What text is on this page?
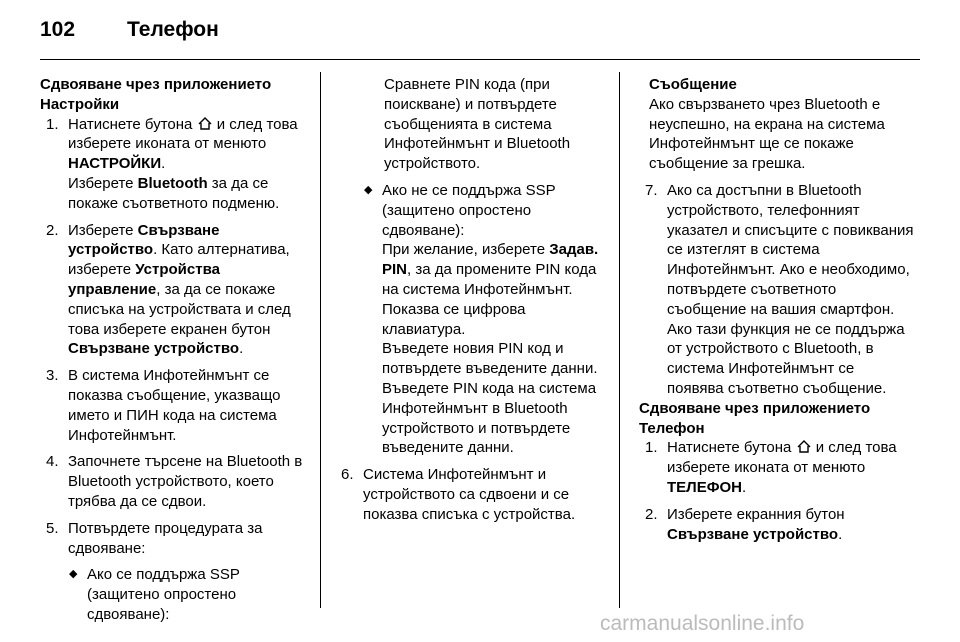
102 Телефон

Сдвояване чрез приложението
Настройки

1. Натиснете бутона  и след това изберете иконата от менюто НАСТРОЙКИ.

Изберете Bluetooth за да се покаже съответното подменю.

2. Изберете Свързване устройство. Като алтернатива, изберете Устройства управление, за да се покаже списъка на устройствата и след това изберете екранен бутон Свързване устройство.

3. В система Инфотейнмънт се показва съобщение, указващо името и ПИН кода на система Инфотейнмънт.

4. Започнете търсене на Bluetooth в Bluetooth устройството, което трябва да се сдвои.

5. Потвърдете процедурата за сдвояване:

◆ Ако се поддържа SSP (защитено опростено сдвояване):

Сравнете PIN кода (при поискване) и потвърдете съобщенията в система Инфотейнмънт и Bluetooth устройството.

◆ Ако не се поддържа SSP (защитено опростено сдвояване):

При желание, изберете Задав. PIN, за да промените PIN кода на система Инфотейнмънт. Показва се цифрова клавиатура.

Въведете новия PIN код и потвърдете въведените данни.

Въведете PIN кода на система Инфотейнмънт в Bluetooth устройството и потвърдете въведените данни.

6. Система Инфотейнмънт и устройството са сдвоени и се показва списъка с устройства.

Съобщение

Ако свързването чрез Bluetooth е неуспешно, на екрана на система Инфотейнмънт ще се покаже съобщение за грешка.

7. Ако са достъпни в Bluetooth устройството, телефонният указател и списъците с повиквания се изтеглят в система Инфотейнмънт. Ако е необходимо, потвърдете съответното съобщение на вашия смартфон.

Ако тази функция не се поддържа от устройството с Bluetooth, в система Инфотейнмънт се появява съответно съобщение.

Сдвояване чрез приложението
Телефон

1. Натиснете бутона  и след това изберете иконата от менюто ТЕЛЕФОН.

2. Изберете екранния бутон Свързване устройство.

carmanualsonline.info
